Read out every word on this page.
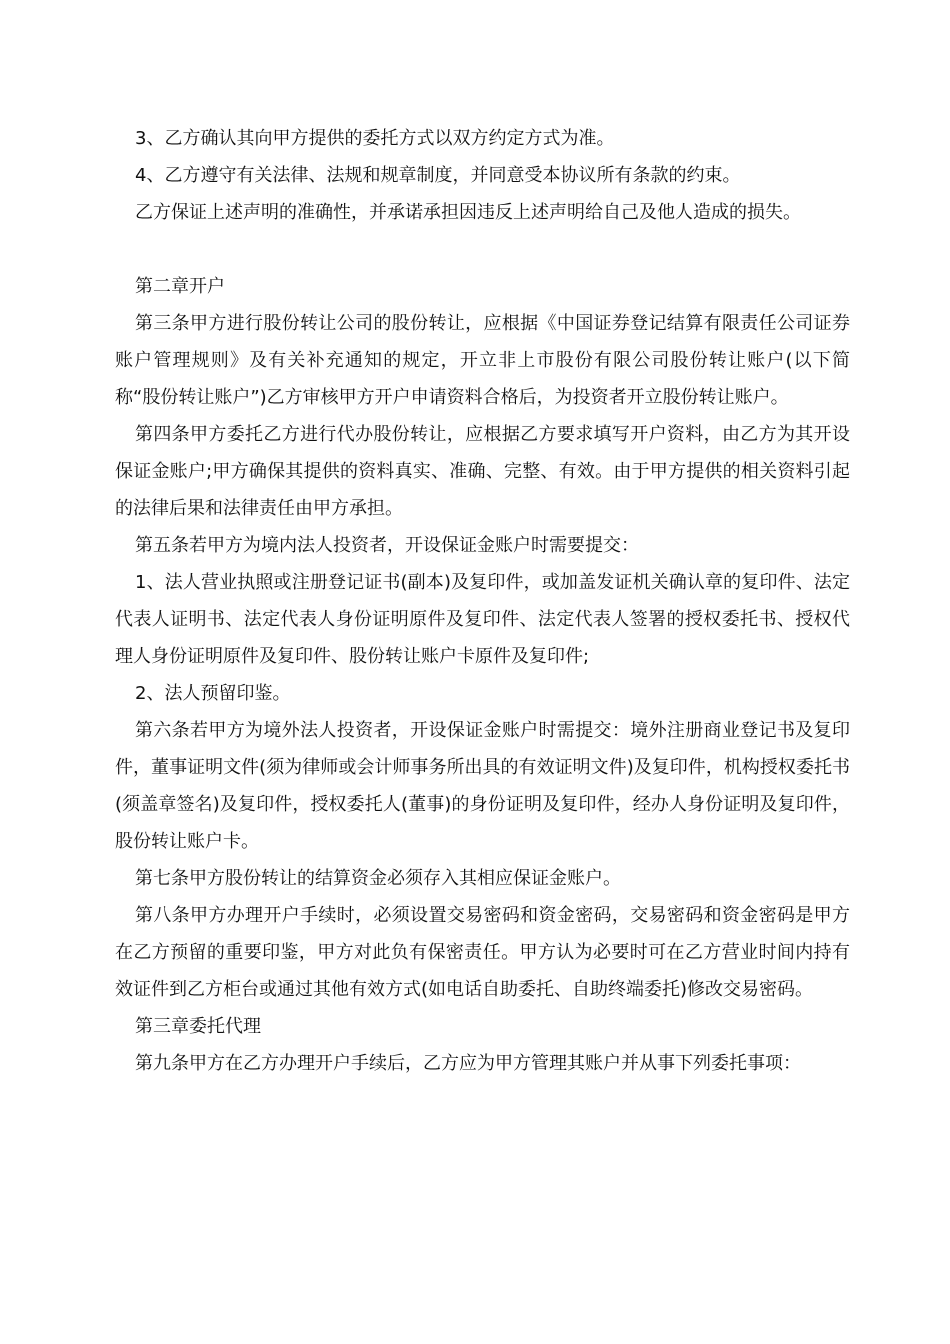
3、乙方确认其向甲方提供的委托方式以双方约定方式为准。

4、乙方遵守有关法律、法规和规章制度，并同意受本协议所有条款的约束。

乙方保证上述声明的准确性，并承诺承担因违反上述声明给自己及他人造成的损失。

第二章开户

第三条甲方进行股份转让公司的股份转让，应根据《中国证券登记结算有限责任公司证券账户管理规则》及有关补充通知的规定，开立非上市股份有限公司股份转让账户(以下简称“股份转让账户”)乙方审核甲方开户申请资料合格后，为投资者开立股份转让账户。

第四条甲方委托乙方进行代办股份转让，应根据乙方要求填写开户资料，由乙方为其开设保证金账户;甲方确保其提供的资料真实、准确、完整、有效。由于甲方提供的相关资料引起的法律后果和法律责任由甲方承担。

第五条若甲方为境内法人投资者，开设保证金账户时需要提交：

1、法人营业执照或注册登记证书(副本)及复印件，或加盖发证机关确认章的复印件、法定代表人证明书、法定代表人身份证明原件及复印件、法定代表人签署的授权委托书、授权代理人身份证明原件及复印件、股份转让账户卡原件及复印件;

2、法人预留印鉴。

第六条若甲方为境外法人投资者，开设保证金账户时需提交：境外注册商业登记书及复印件，董事证明文件(须为律师或会计师事务所出具的有效证明文件)及复印件，机构授权委托书(须盖章签名)及复印件，授权委托人(董事)的身份证明及复印件，经办人身份证明及复印件，股份转让账户卡。

第七条甲方股份转让的结算资金必须存入其相应保证金账户。

第八条甲方办理开户手续时，必须设置交易密码和资金密码，交易密码和资金密码是甲方在乙方预留的重要印鉴，甲方对此负有保密责任。甲方认为必要时可在乙方营业时间内持有效证件到乙方柜台或通过其他有效方式(如电话自助委托、自助终端委托)修改交易密码。

第三章委托代理

第九条甲方在乙方办理开户手续后，乙方应为甲方管理其账户并从事下列委托事项：
